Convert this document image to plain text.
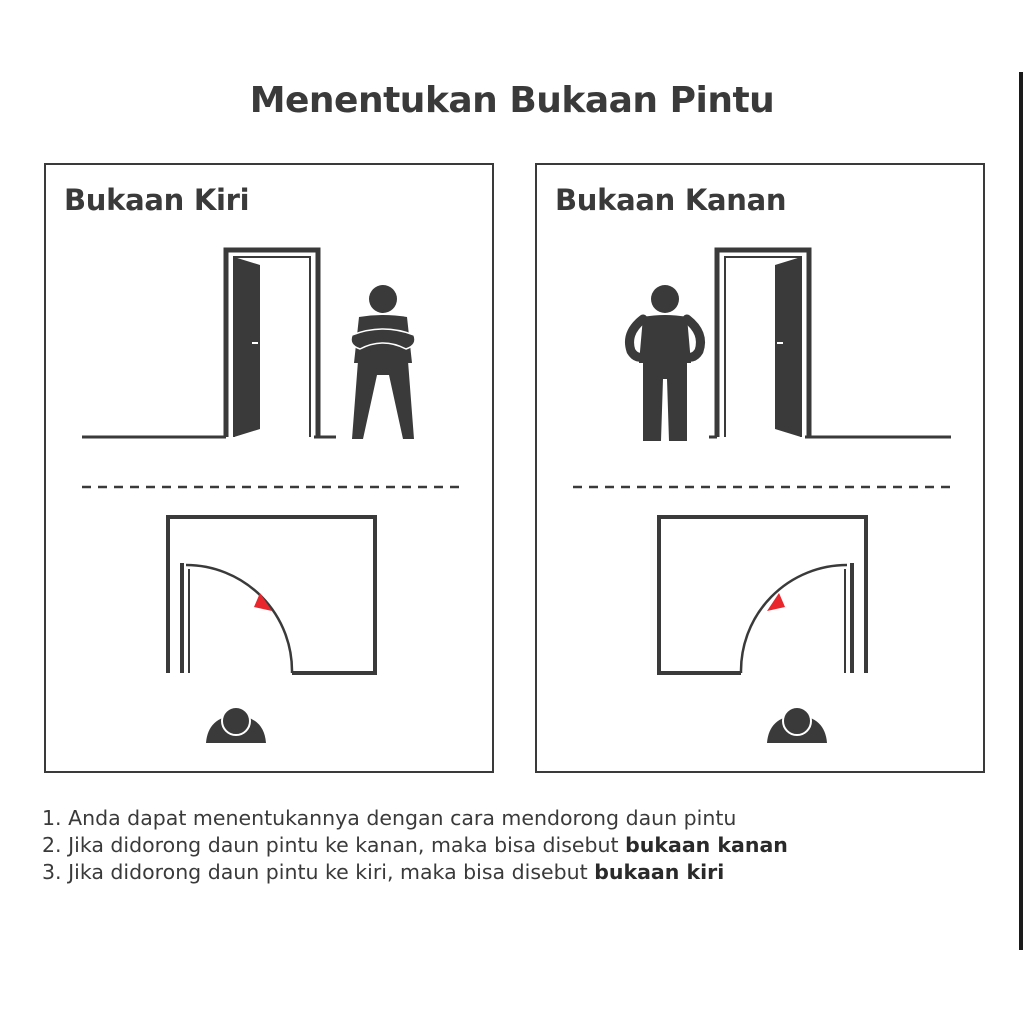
Menentukan Bukaan Pintu
Bukaan Kiri	Bukaan Kanan
1. Anda dapat menentukannya dengan cara mendorong daun pintu
2. Jika didorong daun pintu ke kanan, maka bisa disebut bukaan kanan
3. Jika didorong daun pintu ke kiri, maka bisa disebut bukaan kiri
